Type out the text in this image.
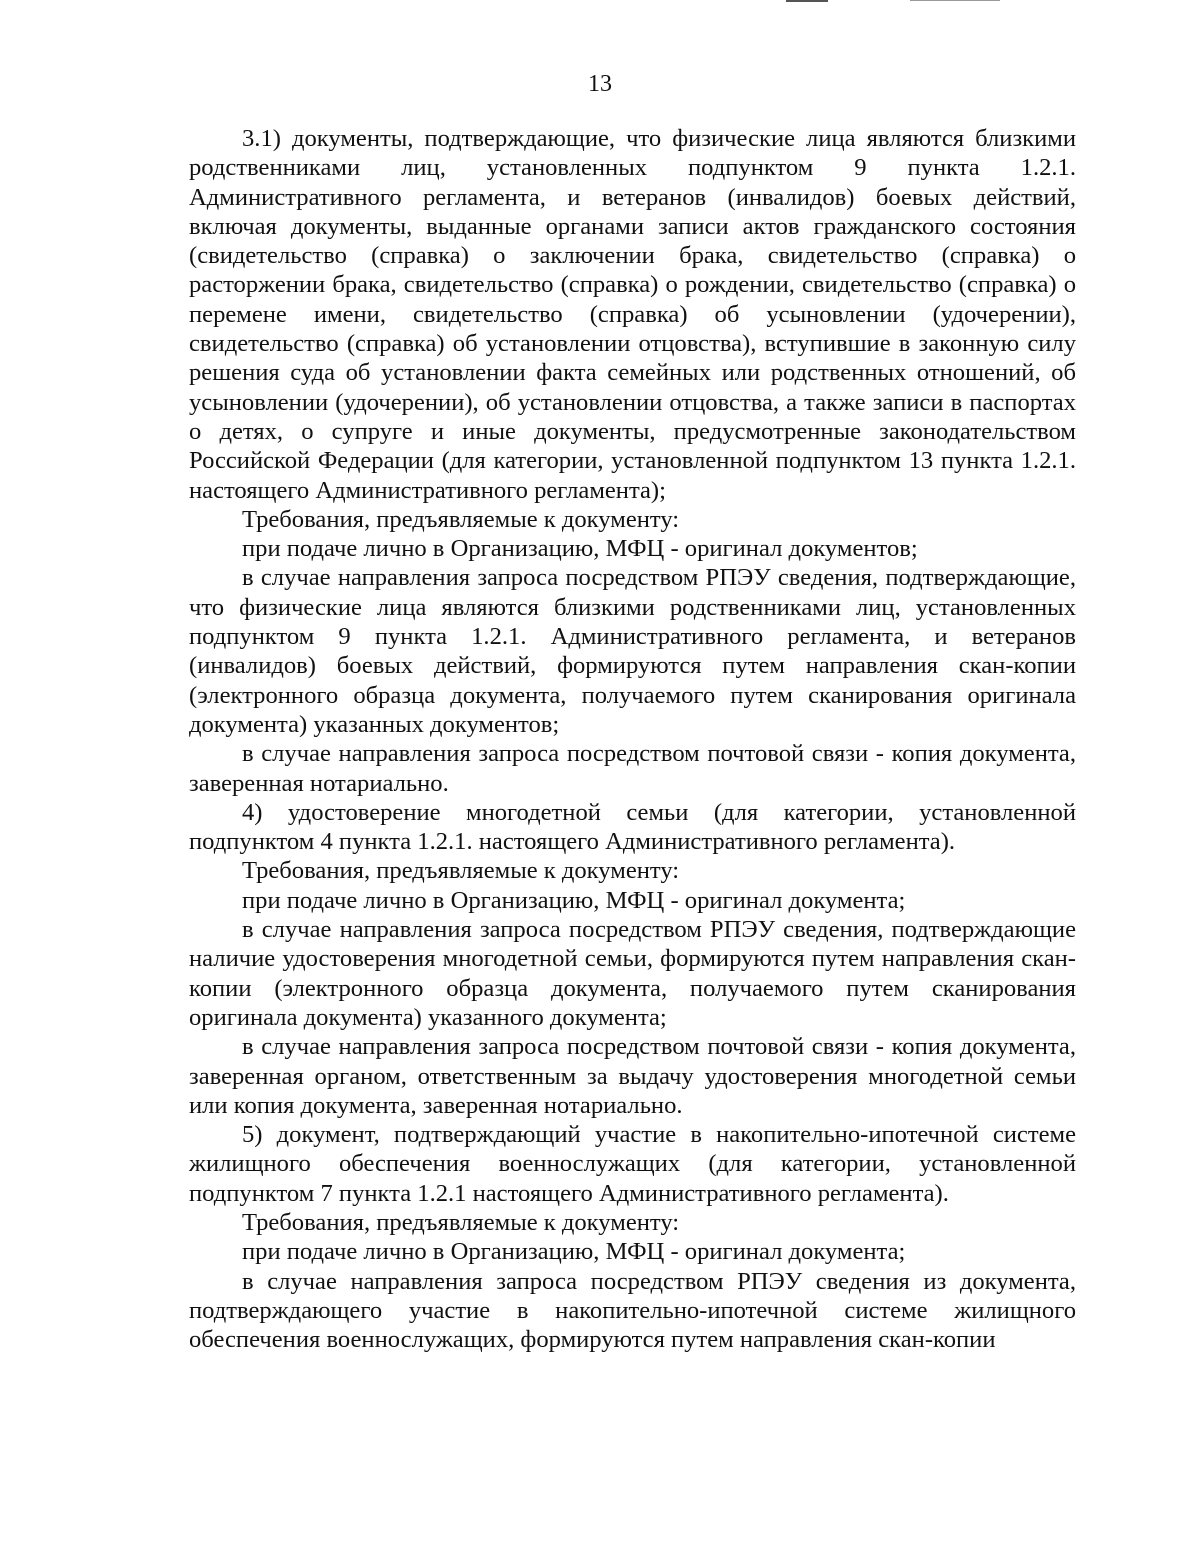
13

3.1) документы, подтверждающие, что физические лица являются близкими родственниками лиц, установленных подпунктом 9 пункта 1.2.1. Административного регламента, и ветеранов (инвалидов) боевых действий, включая документы, выданные органами записи актов гражданского состояния (свидетельство (справка) о заключении брака, свидетельство (справка) о расторжении брака, свидетельство (справка) о рождении, свидетельство (справка) о перемене имени, свидетельство (справка) об усыновлении (удочерении), свидетельство (справка) об установлении отцовства), вступившие в законную силу решения суда об установлении факта семейных или родственных отношений, об усыновлении (удочерении), об установлении отцовства, а также записи в паспортах о детях, о супруге и иные документы, предусмотренные законодательством Российской Федерации (для категории, установленной подпунктом 13 пункта 1.2.1. настоящего Административного регламента);

Требования, предъявляемые к документу:

при подаче лично в Организацию, МФЦ - оригинал документов;

в случае направления запроса посредством РПЭУ сведения, подтверждающие, что физические лица являются близкими родственниками лиц, установленных подпунктом 9 пункта 1.2.1. Административного регламента, и ветеранов (инвалидов) боевых действий, формируются путем направления скан-копии (электронного образца документа, получаемого путем сканирования оригинала документа) указанных документов;

в случае направления запроса посредством почтовой связи - копия документа, заверенная нотариально.

4) удостоверение многодетной семьи (для категории, установленной подпунктом 4 пункта 1.2.1. настоящего Административного регламента).

Требования, предъявляемые к документу:

при подаче лично в Организацию, МФЦ - оригинал документа;

в случае направления запроса посредством РПЭУ сведения, подтверждающие наличие удостоверения многодетной семьи, формируются путем направления скан-копии (электронного образца документа, получаемого путем сканирования оригинала документа) указанного документа;

в случае направления запроса посредством почтовой связи - копия документа, заверенная органом, ответственным за выдачу удостоверения многодетной семьи или копия документа, заверенная нотариально.

5) документ, подтверждающий участие в накопительно-ипотечной системе жилищного обеспечения военнослужащих (для категории, установленной подпунктом 7 пункта 1.2.1 настоящего Административного регламента).

Требования, предъявляемые к документу:

при подаче лично в Организацию, МФЦ - оригинал документа;

в случае направления запроса посредством РПЭУ сведения из документа, подтверждающего участие в накопительно-ипотечной системе жилищного обеспечения военнослужащих, формируются путем направления скан-копии
